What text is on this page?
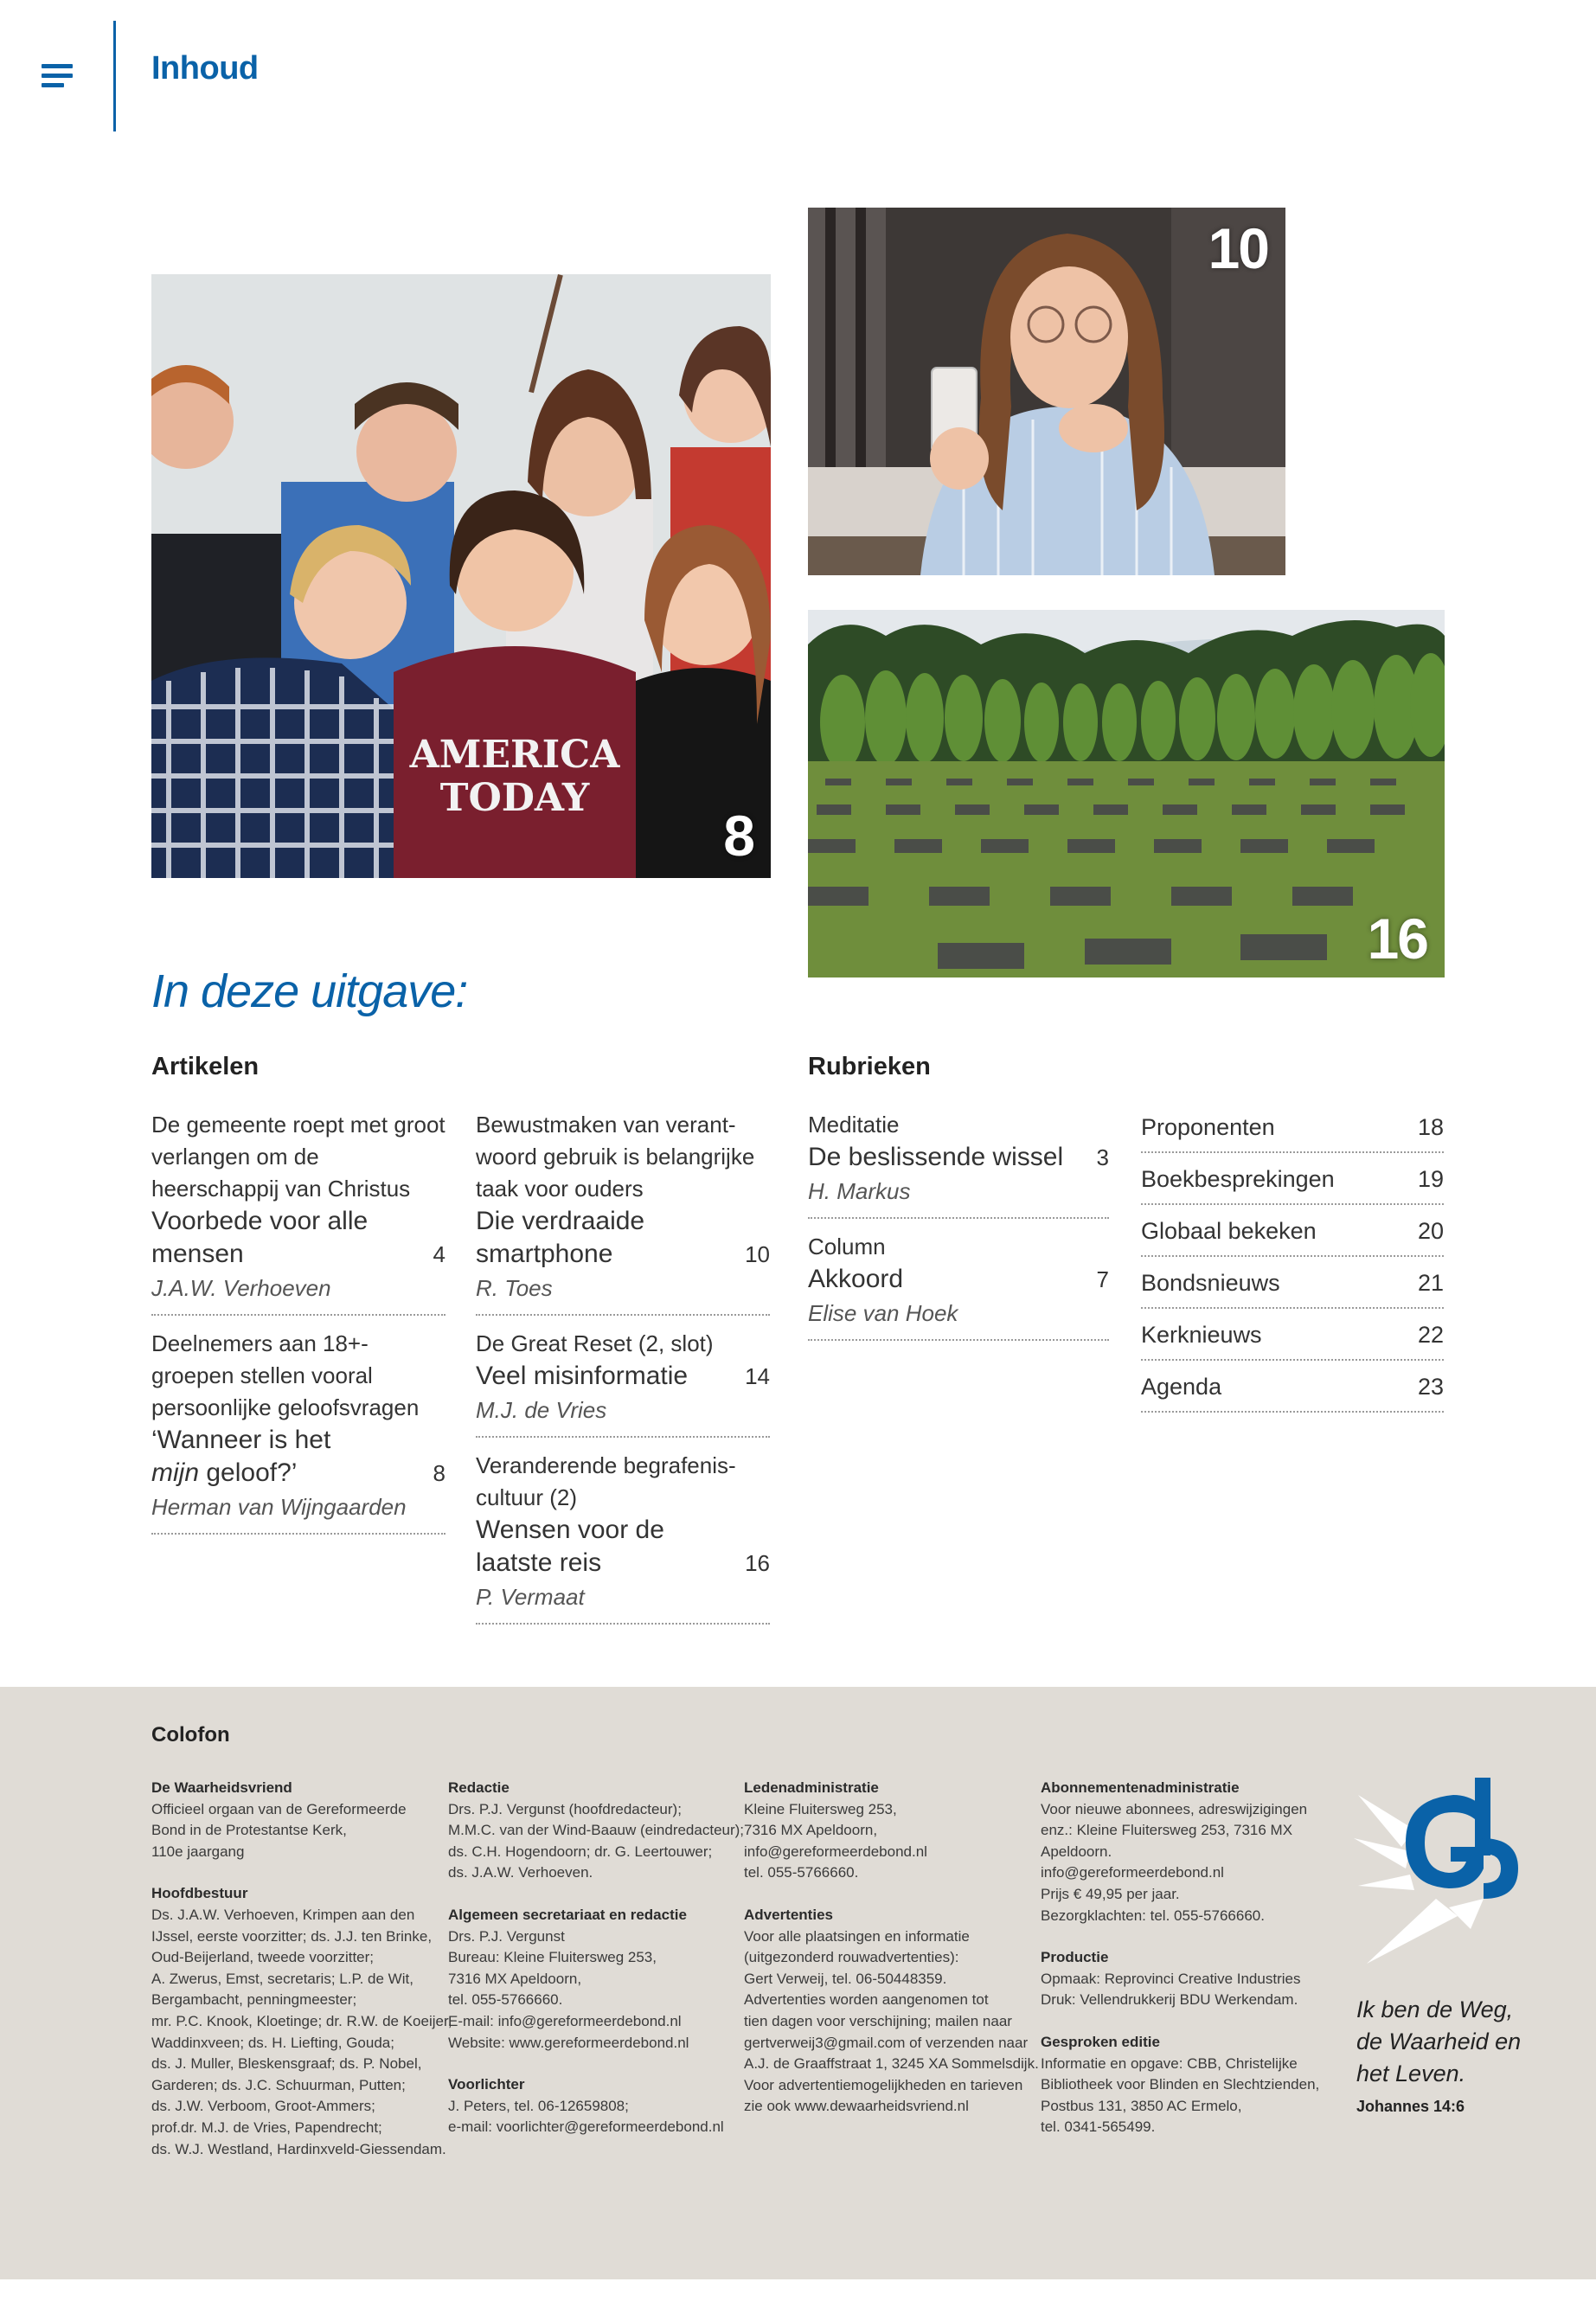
Inhoud
AMERICA
TODAY
8
10
16
In deze uitgave:
Artikelen	Rubrieken
De gemeente roept met groot verlangen om de heerschappij van Christus
Voorbede voor alle mensen	4
J.A.W. Verhoeven
Deelnemers aan 18+-groepen stellen vooral persoonlijke geloofsvragen
‘Wanneer is het
mijn geloof?’	8
Herman van Wijngaarden
Bewustmaken van verant-woord gebruik is belangrijke taak voor ouders
Die verdraaide smartphone	10
R. Toes
De Great Reset (2, slot)
Veel misinformatie	14
M.J. de Vries
Veranderende begrafenis-cultuur (2)
Wensen voor de laatste reis	16
P. Vermaat
Meditatie
De beslissende wissel	3
H. Markus
Column
Akkoord	7
Elise van Hoek
Proponenten	18
Boekbesprekingen	19
Globaal bekeken	20
Bondsnieuws	21
Kerknieuws	22
Agenda	23
Colofon
De Waarheidsvriend
Officieel orgaan van de Gereformeerde
Bond in de Protestantse Kerk,
110e jaargang
Hoofdbestuur
Ds. J.A.W. Verhoeven, Krimpen aan den
IJssel, eerste voorzitter; ds. J.J. ten Brinke,
Oud-Beijerland, tweede voorzitter;
A. Zwerus, Emst, secretaris; L.P. de Wit,
Bergambacht, penningmeester;
mr. P.C. Knook, Kloetinge; dr. R.W. de Koeijer,
Waddinxveen; ds. H. Liefting, Gouda;
ds. J. Muller, Bleskensgraaf; ds. P. Nobel,
Garderen; ds. J.C. Schuurman, Putten;
ds. J.W. Verboom, Groot-Ammers;
prof.dr. M.J. de Vries, Papendrecht;
ds. W.J. Westland, Hardinxveld-Giessendam.
Redactie
Drs. P.J. Vergunst (hoofdredacteur);
M.M.C. van der Wind-Baauw (eindredacteur);
ds. C.H. Hogendoorn; dr. G. Leertouwer;
ds. J.A.W. Verhoeven.
Algemeen secretariaat en redactie
Drs. P.J. Vergunst
Bureau: Kleine Fluitersweg 253,
7316 MX Apeldoorn,
tel. 055-5766660.
E-mail: info@gereformeerdebond.nl
Website: www.gereformeerdebond.nl
Voorlichter
J. Peters, tel. 06-12659808;
e-mail: voorlichter@gereformeerdebond.nl
Ledenadministratie
Kleine Fluitersweg 253,
7316 MX Apeldoorn,
info@gereformeerdebond.nl
tel. 055-5766660.
Advertenties
Voor alle plaatsingen en informatie
(uitgezonderd rouwadvertenties):
Gert Verweij, tel. 06-50448359.
Advertenties worden aangenomen tot
tien dagen voor verschijning; mailen naar
gertverweij3@gmail.com of verzenden naar
A.J. de Graaffstraat 1, 3245 XA Sommelsdijk.
Voor advertentiemogelijkheden en tarieven
zie ook www.dewaarheidsvriend.nl
Abonnementenadministratie
Voor nieuwe abonnees, adreswijzigingen
enz.: Kleine Fluitersweg 253, 7316 MX
Apeldoorn.
info@gereformeerdebond.nl
Prijs € 49,95 per jaar.
Bezorgklachten: tel. 055-5766660.
Productie
Opmaak: Reprovinci Creative Industries
Druk: Vellendrukkerij BDU Werkendam.
Gesproken editie
Informatie en opgave: CBB, Christelijke
Bibliotheek voor Blinden en Slechtzienden,
Postbus 131, 3850 AC Ermelo,
tel. 0341-565499.
Ik ben de Weg,
de Waarheid en
het Leven.
Johannes 14:6
